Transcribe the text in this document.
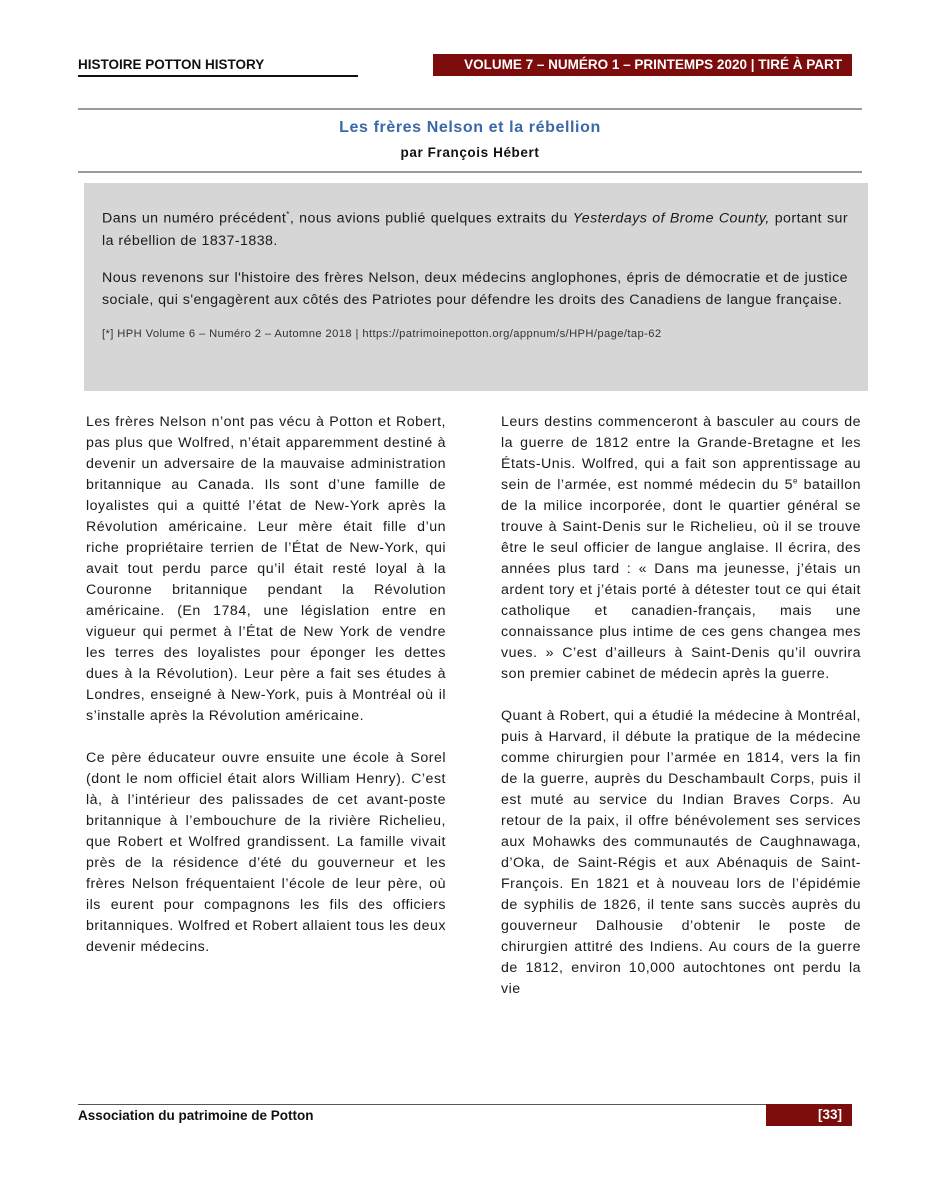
HISTOIRE POTTON HISTORY	VOLUME 7 – NUMÉRO 1 – PRINTEMPS 2020 | TIRÉ À PART
Les frères Nelson et la rébellion
par François Hébert

Dans un numéro précédent*, nous avions publié quelques extraits du Yesterdays of Brome County, portant sur la rébellion de 1837-1838.

Nous revenons sur l'histoire des frères Nelson, deux médecins anglophones, épris de démocratie et de justice sociale, qui s'engagèrent aux côtés des Patriotes pour défendre les droits des Canadiens de langue française.

[*] HPH Volume 6 – Numéro 2 – Automne 2018 | https://patrimoinepotton.org/appnum/s/HPH/page/tap-62

Les frères Nelson n’ont pas vécu à Potton et Robert, pas plus que Wolfred, n’était apparemment destiné à devenir un adversaire de la mauvaise administration britannique au Canada. Ils sont d’une famille de loyalistes qui a quitté l’état de New-York après la Révolution américaine. Leur mère était fille d’un riche propriétaire terrien de l’État de New-York, qui avait tout perdu parce qu’il était resté loyal à la Couronne britannique pendant la Révolution américaine. (En 1784, une législation entre en vigueur qui permet à l’État de New York de vendre les terres des loyalistes pour éponger les dettes dues à la Révolution). Leur père a fait ses études à Londres, enseigné à New-York, puis à Montréal où il s’installe après la Révolution américaine.

Ce père éducateur ouvre ensuite une école à Sorel (dont le nom officiel était alors William Henry). C’est là, à l’intérieur des palissades de cet avant-poste britannique à l’embouchure de la rivière Richelieu, que Robert et Wolfred grandissent. La famille vivait près de la résidence d’été du gouverneur et les frères Nelson fréquentaient l’école de leur père, où ils eurent pour compagnons les fils des officiers britanniques. Wolfred et Robert allaient tous les deux devenir médecins.

Leurs destins commenceront à basculer au cours de la guerre de 1812 entre la Grande-Bretagne et les États-Unis. Wolfred, qui a fait son apprentissage au sein de l’armée, est nommé médecin du 5e bataillon de la milice incorporée, dont le quartier général se trouve à Saint-Denis sur le Richelieu, où il se trouve être le seul officier de langue anglaise. Il écrira, des années plus tard : « Dans ma jeunesse, j’étais un ardent tory et j’étais porté à détester tout ce qui était catholique et canadien-français, mais une connaissance plus intime de ces gens changea mes vues. » C’est d’ailleurs à Saint-Denis qu’il ouvrira son premier cabinet de médecin après la guerre.

Quant à Robert, qui a étudié la médecine à Montréal, puis à Harvard, il débute la pratique de la médecine comme chirurgien pour l’armée en 1814, vers la fin de la guerre, auprès du Deschambault Corps, puis il est muté au service du Indian Braves Corps. Au retour de la paix, il offre bénévolement ses services aux Mohawks des communautés de Caughnawaga, d’Oka, de Saint-Régis et aux Abénaquis de Saint-François. En 1821 et à nouveau lors de l’épidémie de syphilis de 1826, il tente sans succès auprès du gouverneur Dalhousie d’obtenir le poste de chirurgien attitré des Indiens. Au cours de la guerre de 1812, environ 10,000 autochtones ont perdu la vie

Association du patrimoine de Potton	[33]
